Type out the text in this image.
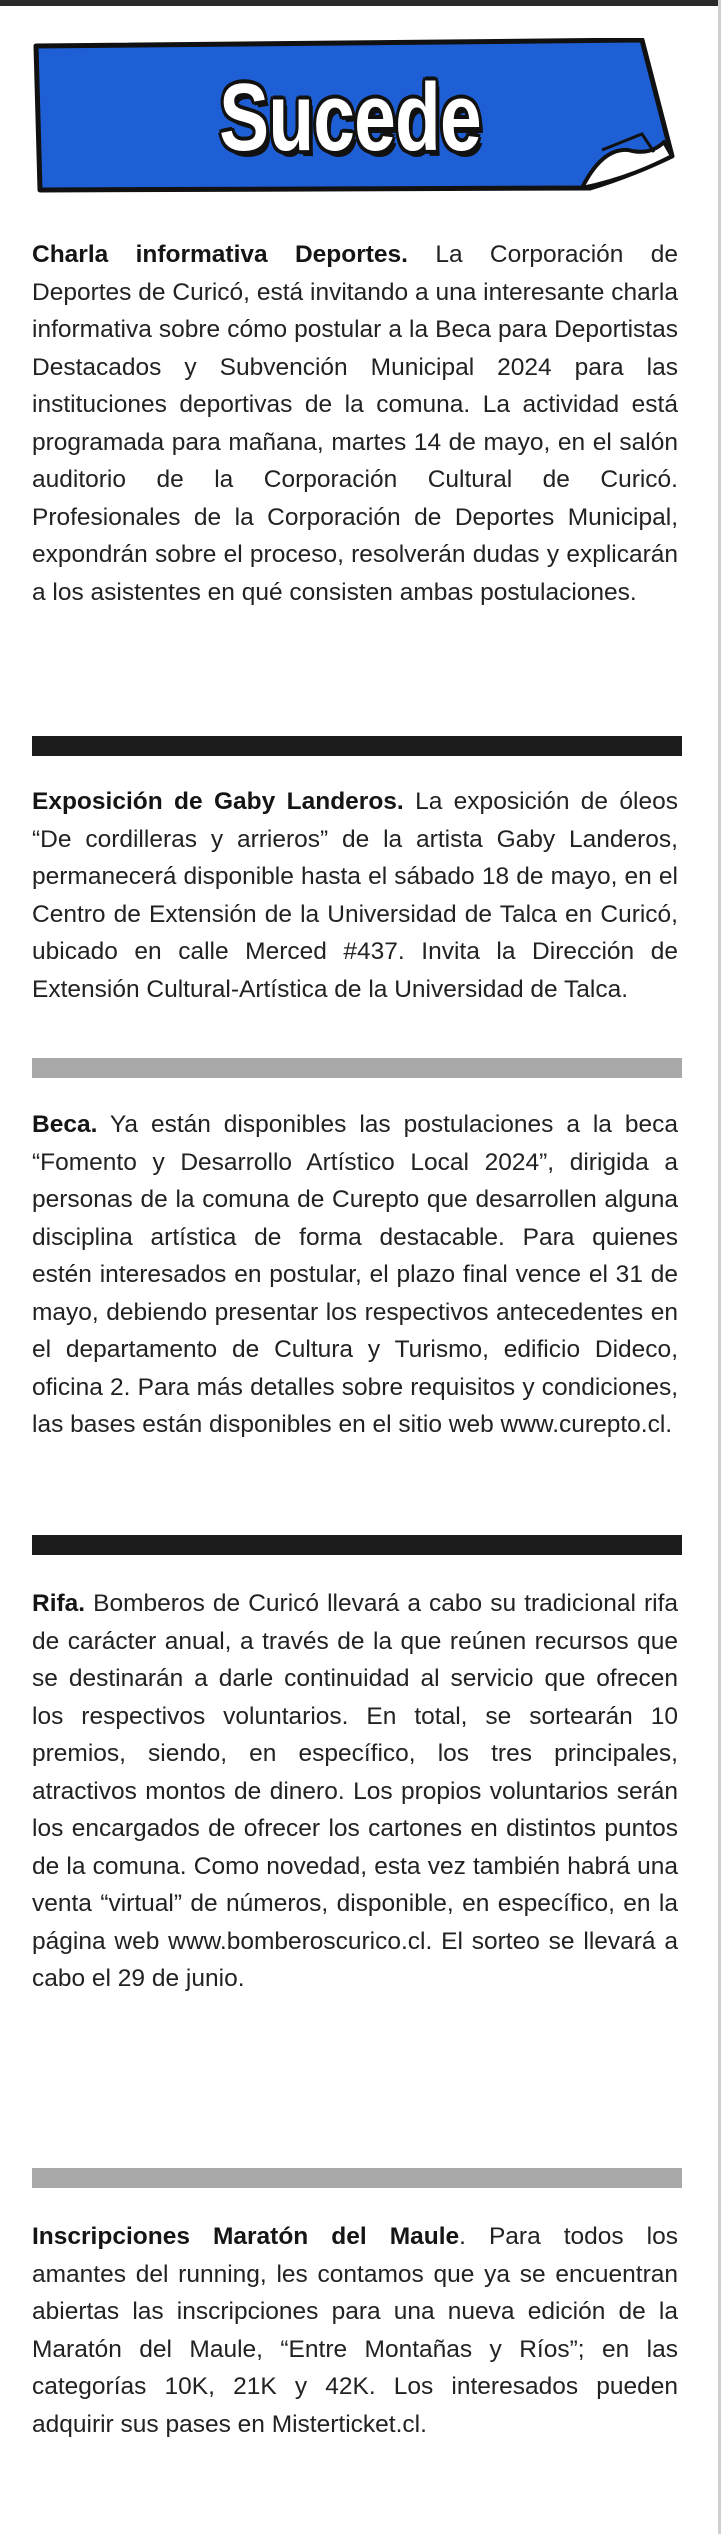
Sucede
Charla informativa Deportes. La Corporación de Deportes de Curicó, está invitando a una interesante charla informativa sobre cómo postular a la Beca para Deportistas Destacados y Subvención Municipal 2024 para las instituciones deportivas de la comuna. La actividad está programada para mañana, martes 14 de mayo, en el salón auditorio de la Corporación Cultural de Curicó. Profesionales de la Corporación de Deportes Municipal, expondrán sobre el proceso, resolverán dudas y explicarán a los asistentes en qué consisten ambas postulaciones.
Exposición de Gaby Landeros. La exposición de óleos “De cordilleras y arrieros” de la artista Gaby Landeros, permanecerá disponible hasta el sábado 18 de mayo, en el Centro de Extensión de la Universidad de Talca en Curicó, ubicado en calle Merced #437. Invita la Dirección de Extensión Cultural-Artística de la Universidad de Talca.
Beca. Ya están disponibles las postulaciones a la beca “Fomento y Desarrollo Artístico Local 2024”, dirigida a personas de la comuna de Curepto que desarrollen alguna disciplina artística de forma destacable. Para quienes estén interesados en postular, el plazo final vence el 31 de mayo, debiendo presentar los respectivos antecedentes en el departamento de Cultura y Turismo, edificio Dideco, oficina 2. Para más detalles sobre requisitos y condiciones, las bases están disponibles en el sitio web www.curepto.cl.
Rifa. Bomberos de Curicó llevará a cabo su tradicional rifa de carácter anual, a través de la que reúnen recursos que se destinarán a darle continuidad al servicio que ofrecen los respectivos voluntarios. En total, se sortearán 10 premios, siendo, en específico, los tres principales, atractivos montos de dinero. Los propios voluntarios serán los encargados de ofrecer los cartones en distintos puntos de la comuna. Como novedad, esta vez también habrá una venta “virtual” de números, disponible, en específico, en la página web www.bomberoscurico.cl. El sorteo se llevará a cabo el 29 de junio.
Inscripciones Maratón del Maule. Para todos los amantes del running, les contamos que ya se encuentran abiertas las inscripciones para una nueva edición de la Maratón del Maule, “Entre Montañas y Ríos”; en las categorías 10K, 21K y 42K. Los interesados pueden adquirir sus pases en Misterticket.cl.
